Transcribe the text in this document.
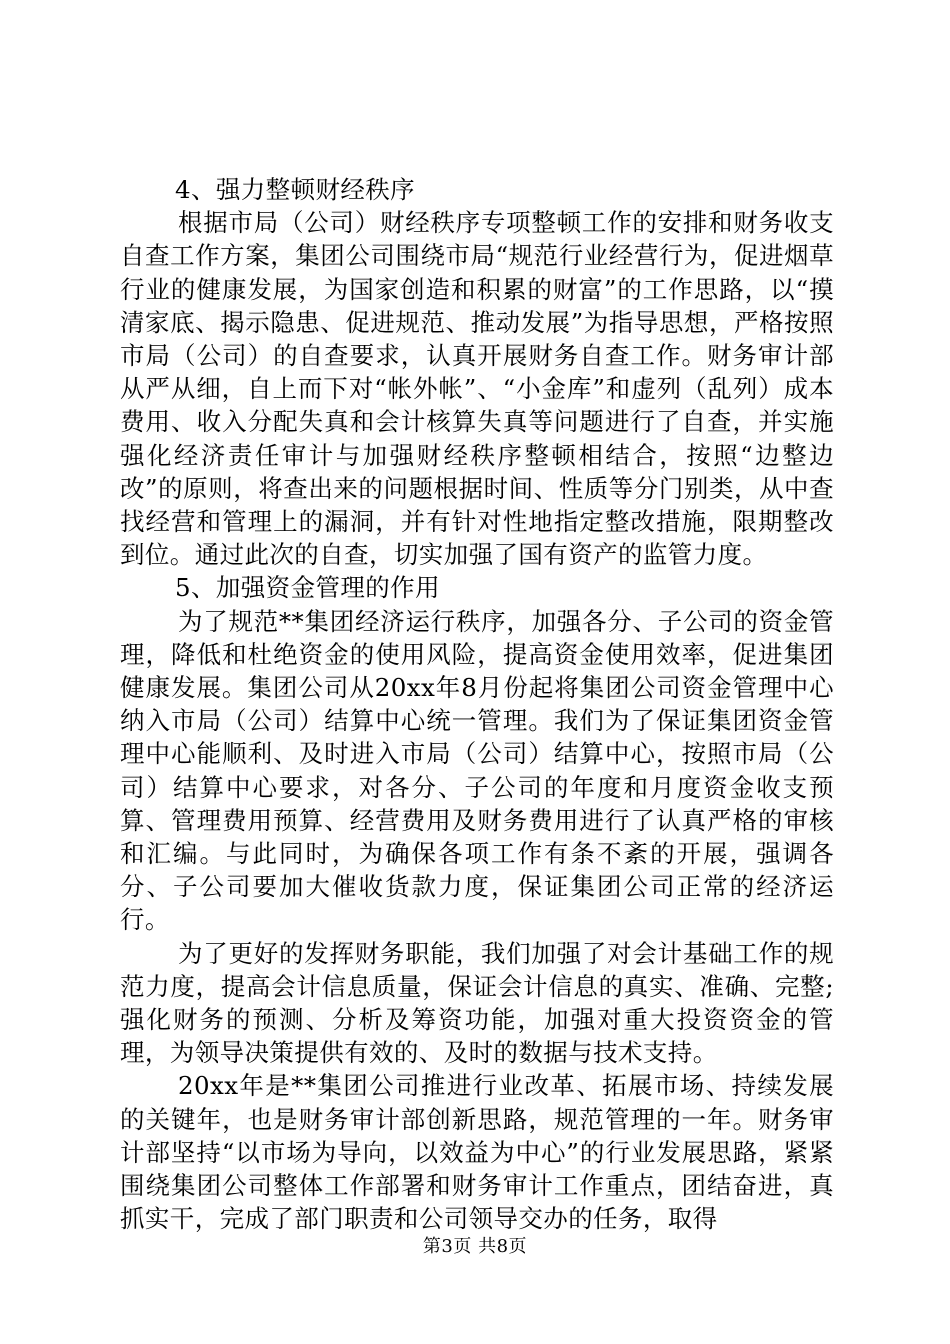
4、强力整顿财经秩序

根据市局（公司）财经秩序专项整顿工作的安排和财务收支自查工作方案，集团公司围绕市局“规范行业经营行为，促进烟草行业的健康发展，为国家创造和积累的财富”的工作思路，以“摸清家底、揭示隐患、促进规范、推动发展”为指导思想，严格按照市局（公司）的自查要求，认真开展财务自查工作。财务审计部从严从细，自上而下对“帐外帐”、“小金库”和虚列（乱列）成本费用、收入分配失真和会计核算失真等问题进行了自查，并实施强化经济责任审计与加强财经秩序整顿相结合，按照“边整边改”的原则，将查出来的问题根据时间、性质等分门别类，从中查找经营和管理上的漏洞，并有针对性地指定整改措施，限期整改到位。通过此次的自查，切实加强了国有资产的监管力度。

5、加强资金管理的作用

为了规范**集团经济运行秩序，加强各分、子公司的资金管理，降低和杜绝资金的使用风险，提高资金使用效率，促进集团健康发展。集团公司从20xx年8月份起将集团公司资金管理中心纳入市局（公司）结算中心统一管理。我们为了保证集团资金管理中心能顺利、及时进入市局（公司）结算中心，按照市局（公司）结算中心要求，对各分、子公司的年度和月度资金收支预算、管理费用预算、经营费用及财务费用进行了认真严格的审核和汇编。与此同时，为确保各项工作有条不紊的开展，强调各分、子公司要加大催收货款力度，保证集团公司正常的经济运行。

为了更好的发挥财务职能，我们加强了对会计基础工作的规范力度，提高会计信息质量，保证会计信息的真实、准确、完整;强化财务的预测、分析及筹资功能，加强对重大投资资金的管理，为领导决策提供有效的、及时的数据与技术支持。

20xx年是**集团公司推进行业改革、拓展市场、持续发展的关键年，也是财务审计部创新思路，规范管理的一年。财务审计部坚持“以市场为导向，以效益为中心”的行业发展思路，紧紧围绕集团公司整体工作部署和财务审计工作重点，团结奋进，真抓实干，完成了部门职责和公司领导交办的任务，取得

第3页 共8页
